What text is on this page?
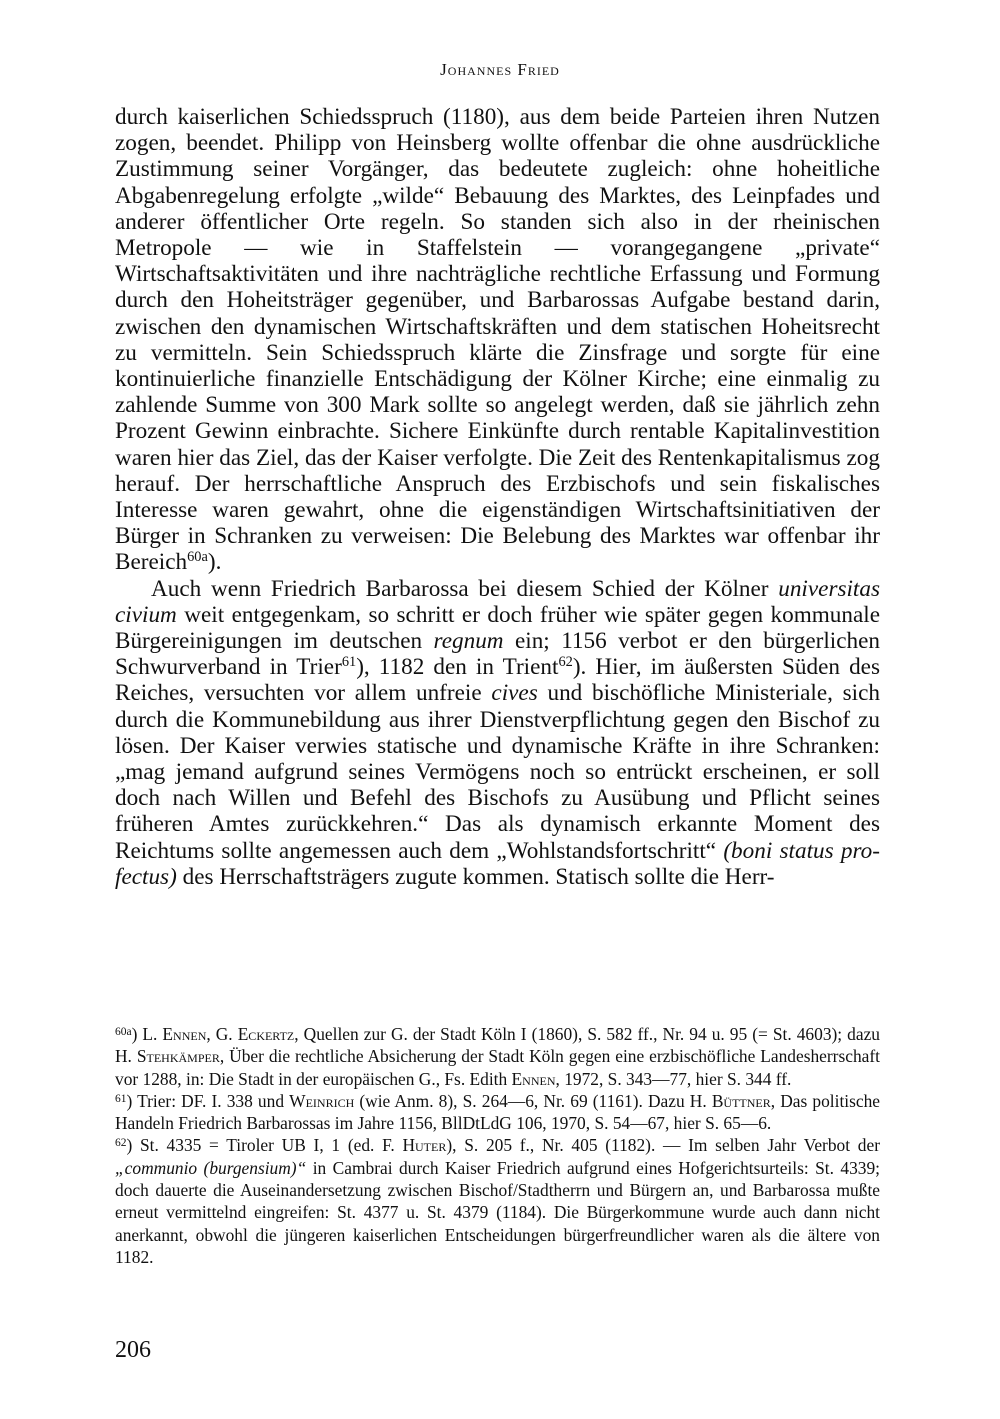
Johannes Fried

durch kaiserlichen Schiedsspruch (1180), aus dem beide Parteien ihren Nutzen zogen, beendet. Philipp von Heinsberg wollte offenbar die ohne ausdrückliche Zustimmung seiner Vorgänger, das bedeutete zugleich: ohne hoheitliche Abgabenregelung erfolgte „wilde“ Bebauung des Marktes, des Leinpfades und anderer öffentlicher Orte regeln. So standen sich also in der rheinischen Metropole — wie in Staffelstein — vorangegangene „private“ Wirtschaftsaktivitäten und ihre nachträgliche rechtliche Erfassung und Formung durch den Hoheitsträger gegenüber, und Barbarossas Aufgabe bestand darin, zwischen den dynamischen Wirtschaftskräften und dem statischen Hoheitsrecht zu vermitteln. Sein Schiedsspruch klärte die Zinsfrage und sorgte für eine kontinuierliche finanzielle Entschädigung der Kölner Kirche; eine einmalig zu zahlende Summe von 300 Mark sollte so angelegt werden, daß sie jährlich zehn Prozent Gewinn einbrachte. Sichere Einkünfte durch rentable Kapitalinvestition waren hier das Ziel, das der Kaiser verfolgte. Die Zeit des Rentenkapitalismus zog herauf. Der herrschaftliche Anspruch des Erzbischofs und sein fiskalisches Interesse waren gewahrt, ohne die eigenständigen Wirtschaftsinitiativen der Bürger in Schranken zu verweisen: Die Belebung des Marktes war offenbar ihr Bereich$^{60a}$).

Auch wenn Friedrich Barbarossa bei diesem Schied der Kölner universitas civium weit entgegenkam, so schritt er doch früher wie später gegen kommunale Bürgereinigungen im deutschen regnum ein; 1156 verbot er den bürgerlichen Schwurverband in Trier$^{61}$), 1182 den in Trient$^{62}$). Hier, im äußersten Süden des Reiches, versuchten vor allem unfreie cives und bischöfliche Ministeriale, sich durch die Kommunebildung aus ihrer Dienstverpflichtung gegen den Bischof zu lösen. Der Kaiser verwies statische und dynamische Kräfte in ihre Schranken: „mag jemand aufgrund seines Vermögens noch so entrückt erscheinen, er soll doch nach Willen und Befehl des Bischofs zu Ausübung und Pflicht seines früheren Amtes zurückkehren.“ Das als dynamisch erkannte Moment des Reichtums sollte angemessen auch dem „Wohlstandsfortschritt“ (boni status profectus) des Herrschaftsträgers zugute kommen. Statisch sollte die Herr-

$^{60a}$) L. Ennen, G. Eckertz, Quellen zur G. der Stadt Köln I (1860), S. 582 ff., Nr. 94 u. 95 (= St. 4603); dazu H. Stehkämper, Über die rechtliche Absicherung der Stadt Köln gegen eine erzbischöfliche Landesherrschaft vor 1288, in: Die Stadt in der europäischen G., Fs. Edith Ennen, 1972, S. 343—77, hier S. 344 ff.

$^{61}$) Trier: DF. I. 338 und Weinrich (wie Anm. 8), S. 264—6, Nr. 69 (1161). Dazu H. Büttner, Das politische Handeln Friedrich Barbarossas im Jahre 1156, BllDtLdG 106, 1970, S. 54—67, hier S. 65—6.

$^{62}$) St. 4335 = Tiroler UB I, 1 (ed. F. Huter), S. 205 f., Nr. 405 (1182). — Im selben Jahr Verbot der „communio (burgensium)“ in Cambrai durch Kaiser Friedrich aufgrund eines Hofgerichtsurteils: St. 4339; doch dauerte die Auseinandersetzung zwischen Bischof/Stadtherrn und Bürgern an, und Barbarossa mußte erneut vermittelnd eingreifen: St. 4377 u. St. 4379 (1184). Die Bürgerkommune wurde auch dann nicht anerkannt, obwohl die jüngeren kaiserlichen Entscheidungen bürgerfreundlicher waren als die ältere von 1182.

206
